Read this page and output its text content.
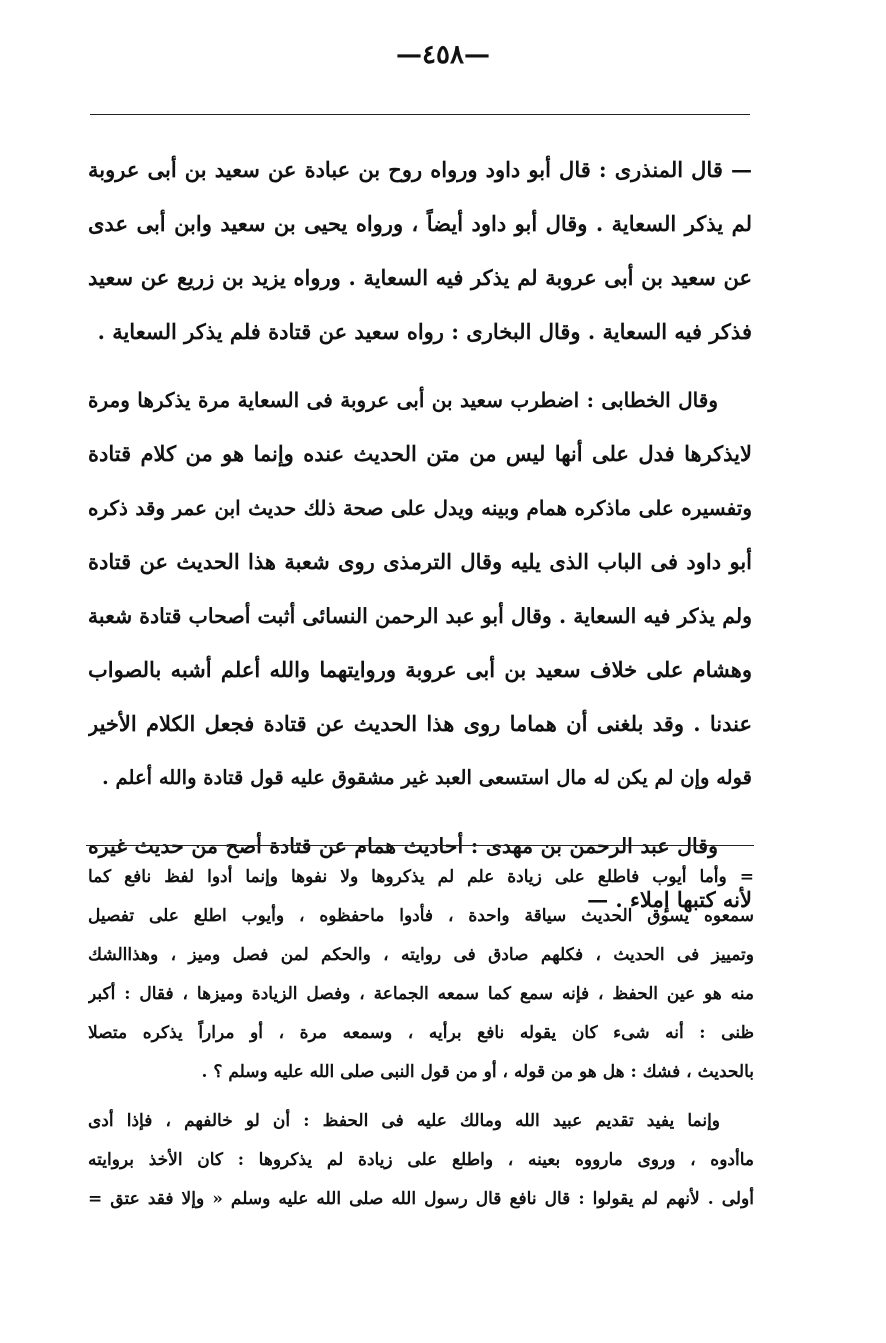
—٤٥٨—
— قال المنذرى : قال أبو داود ورواه روح بن عبادة عن سعيد بن أبى عروبة
لم يذكر السعاية . وقال أبو داود أيضاً ، ورواه يحيى بن سعيد وابن أبى عدى
عن سعيد بن أبى عروبة لم يذكر فيه السعاية . ورواه يزيد بن زريع عن سعيد
فذكر فيه السعاية . وقال البخارى : رواه سعيد عن قتادة فلم يذكر السعاية .
وقال الخطابى : اضطرب سعيد بن أبى عروبة فى السعاية مرة يذكرها ومرة
لايذكرها فدل على أنها ليس من متن الحديث عنده وإنما هو من كلام قتادة
وتفسيره على ماذكره همام وبينه ويدل على صحة ذلك حديث ابن عمر وقد ذكره
أبو داود فى الباب الذى يليه وقال الترمذى روى شعبة هذا الحديث عن قتادة
ولم يذكر فيه السعاية . وقال أبو عبد الرحمن النسائى أثبت أصحاب قتادة شعبة
وهشام على خلاف سعيد بن أبى عروبة وروايتهما والله أعلم أشبه بالصواب
عندنا . وقد بلغنى أن هماما روى هذا الحديث عن قتادة فجعل الكلام الأخير
قوله وإن لم يكن له مال استسعى العبد غير مشقوق عليه قول قتادة والله أعلم .
وقال عبد الرحمن بن مهدى : أحاديث همام عن قتادة أصح من حديث غيره
لأنه كتبها إملاء . —
= وأما أيوب فاطلع على زيادة علم لم يذكروها ولا نفوها وإنما أدوا لفظ نافع كما
سمعوه يسوق الحديث سياقة واحدة ، فأدوا ماحفظوه ، وأيوب اطلع على تفصيل
وتمييز فى الحديث ، فكلهم صادق فى روايته ، والحكم لمن فصل وميز ، وهذاالشك
منه هو عين الحفظ ، فإنه سمع كما سمعه الجماعة ، وفصل الزيادة وميزها ، فقال : أكبر
ظنى : أنه شىء كان يقوله نافع برأيه ، وسمعه مرة ، أو مراراً يذكره متصلا
بالحديث ، فشك : هل هو من قوله ، أو من قول النبى صلى الله عليه وسلم ؟ .
وإنما يفيد تقديم عبيد الله ومالك عليه فى الحفظ : أن لو خالفهم ، فإذا أدى
ماأدوه ، وروى مارووه بعينه ، واطلع على زيادة لم يذكروها : كان الأخذ بروايته
أولى . لأنهم لم يقولوا : قال نافع قال رسول الله صلى الله عليه وسلم « وإلا فقد عتق =
